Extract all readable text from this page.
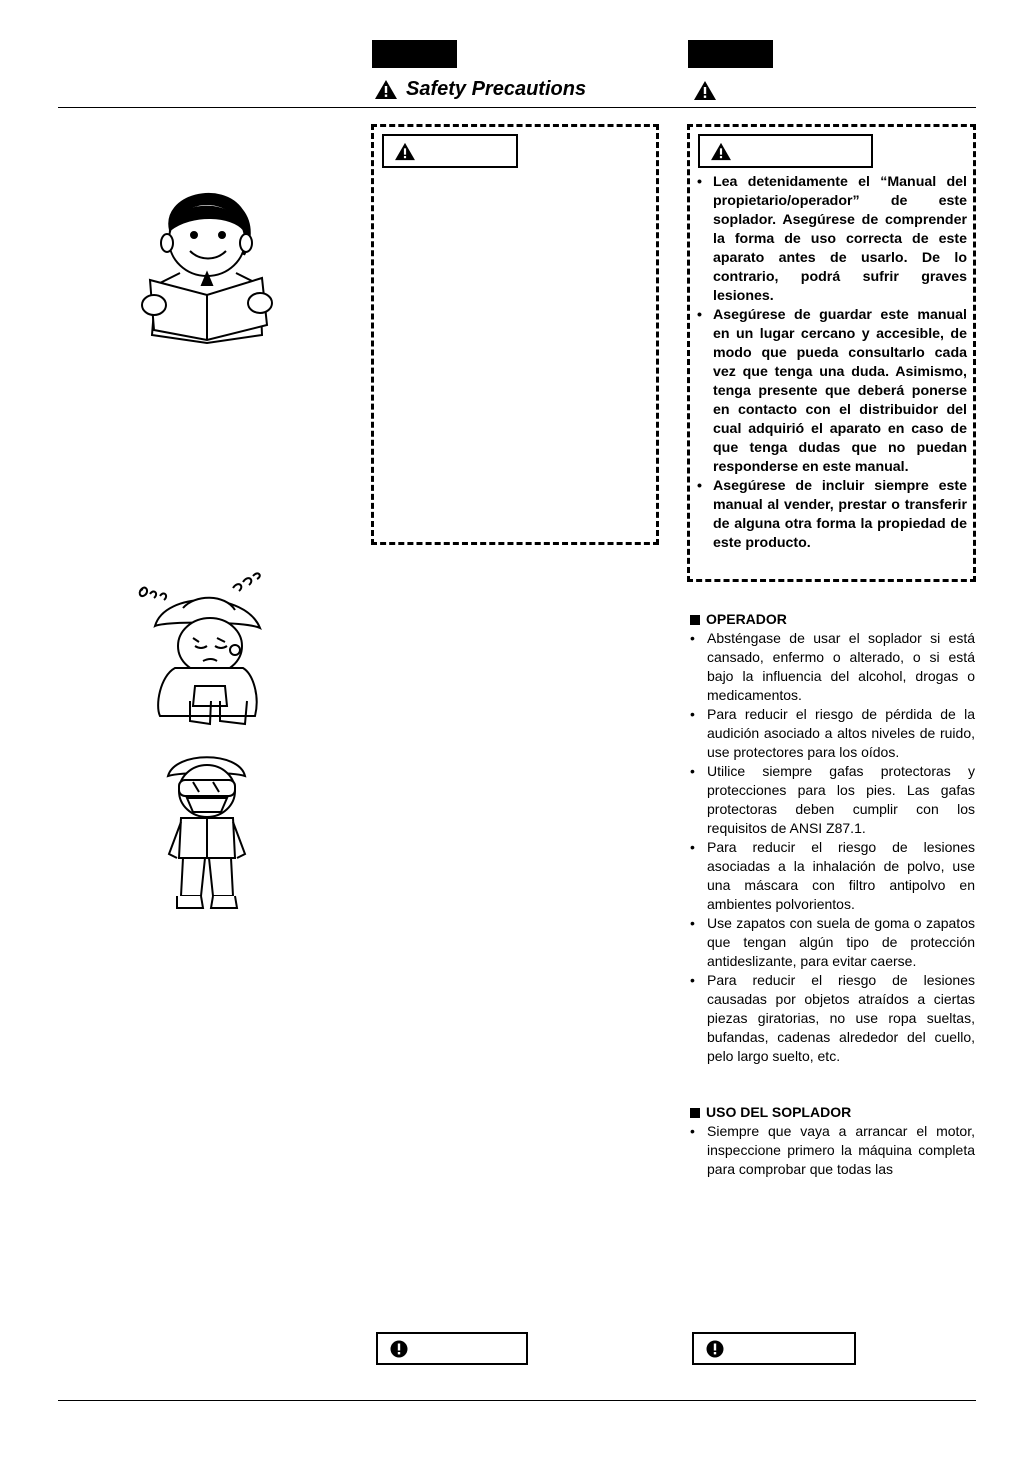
Safety Precautions
• Lea detenidamente el “Manual del propietario/operador” de este soplador. Asegúrese de comprender la forma de uso correcta de este aparato antes de usarlo. De lo contrario, podrá sufrir graves lesiones.
• Asegúrese de guardar este manual en un lugar cercano y accesible, de modo que pueda consultarlo cada vez que tenga una duda. Asimismo, tenga presente que deberá ponerse en contacto con el distribuidor del cual adquirió el aparato en caso de que tenga dudas que no puedan responderse en este manual.
• Asegúrese de incluir siempre este manual al vender, prestar o transferir de alguna otra forma la propiedad de este producto.
OPERADOR
• Absténgase de usar el soplador si está cansado, enfermo o alterado, o si está bajo la influencia del alcohol, drogas o medicamentos.
• Para reducir el riesgo de pérdida de la audición asociado a altos niveles de ruido, use protectores para los oídos.
• Utilice siempre gafas protectoras y protecciones para los pies. Las gafas protectoras deben cumplir con los requisitos de ANSI Z87.1.
• Para reducir el riesgo de lesiones asociadas a la inhalación de polvo, use una máscara con filtro antipolvo en ambientes polvorientos.
• Use zapatos con suela de goma o zapatos que tengan algún tipo de protección antideslizante, para evitar caerse.
• Para reducir el riesgo de lesiones causadas por objetos atraídos a ciertas piezas giratorias, no use ropa sueltas, bufandas, cadenas alrededor del cuello, pelo largo suelto, etc.
USO DEL SOPLADOR
• Siempre que vaya a arrancar el motor, inspeccione primero la máquina completa para comprobar que todas las
